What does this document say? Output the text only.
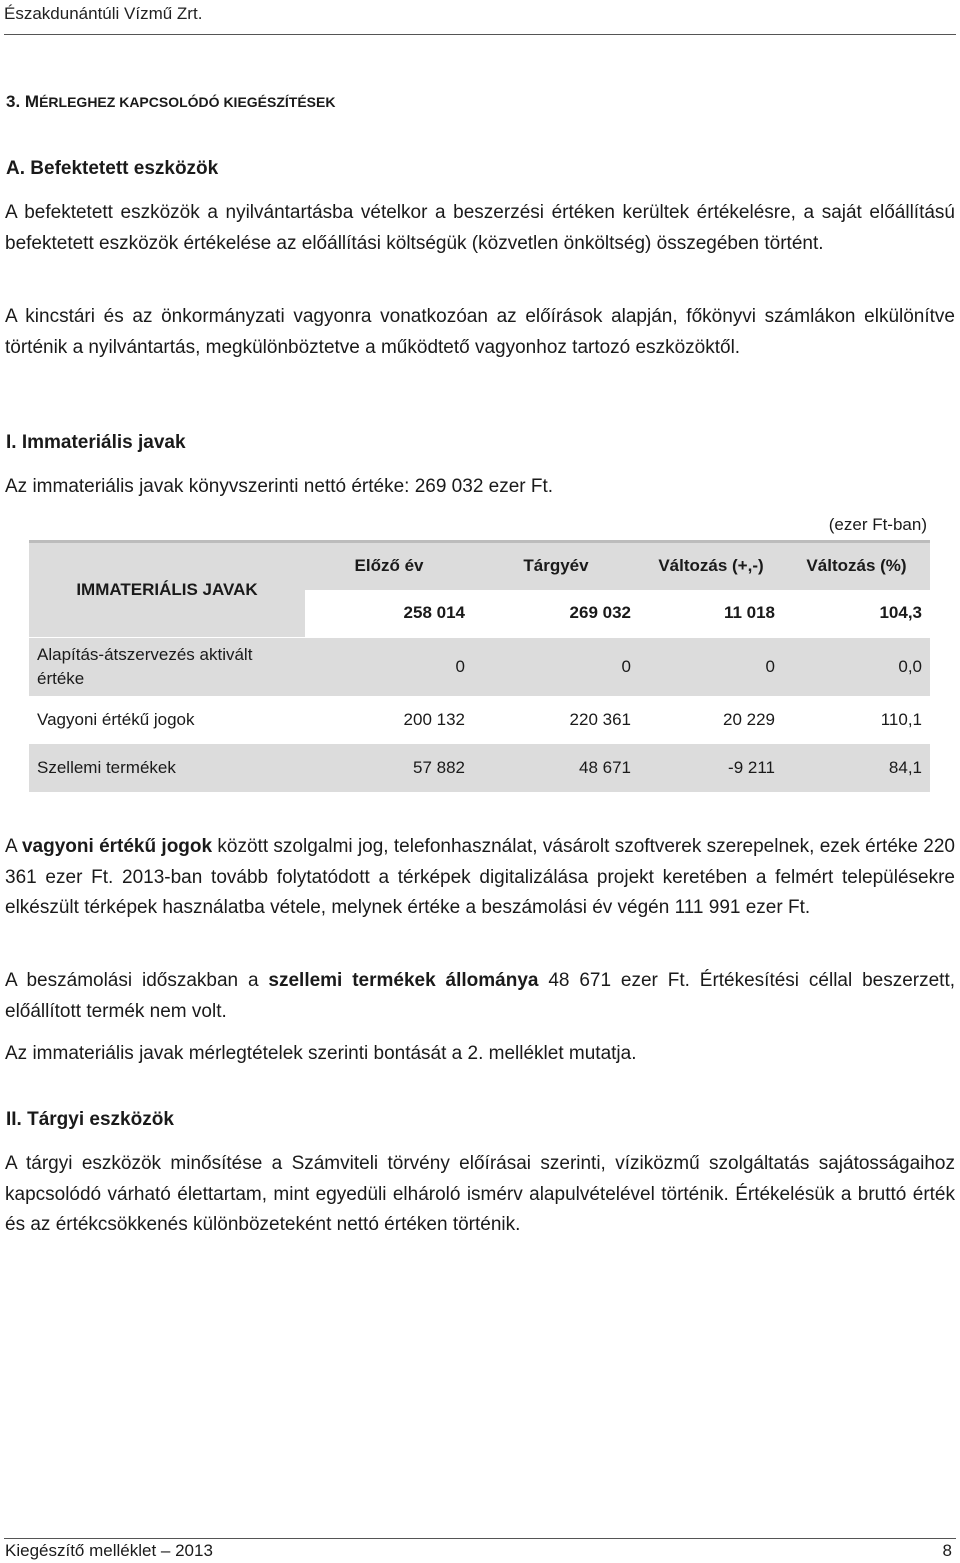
Északdunántúli Vízmű Zrt.
3. MÉRLEGHEZ KAPCSOLÓDÓ KIEGÉSZÍTÉSEK
A. Befektetett eszközök
A befektetett eszközök a nyilvántartásba vételkor a beszerzési értéken kerültek értékelésre, a saját előállítású befektetett eszközök értékelése az előállítási költségük (közvetlen önköltség) összegében történt.
A kincstári és az önkormányzati vagyonra vonatkozóan az előírások alapján, főkönyvi számlákon elkülönítve történik a nyilvántartás, megkülönböztetve a működtető vagyonhoz tartozó eszközöktől.
I. Immateriális javak
Az immateriális javak könyvszerinti nettó értéke: 269 032 ezer Ft.
(ezer Ft-ban)
IMMATERIÁLIS JAVAK	Előző év	Tárgyév	Változás (+,-)	Változás (%)
	258 014	269 032	11 018	104,3
Alapítás-átszervezés aktivált értéke	0	0	0	0,0
Vagyoni értékű jogok	200 132	220 361	20 229	110,1
Szellemi termékek	57 882	48 671	-9 211	84,1
A vagyoni értékű jogok között szolgalmi jog, telefonhasználat, vásárolt szoftverek szerepelnek, ezek értéke 220 361 ezer Ft. 2013-ban tovább folytatódott a térképek digitalizálása projekt keretében a felmért településekre elkészült térképek használatba vétele, melynek értéke a beszámolási év végén 111 991 ezer Ft.
A beszámolási időszakban a szellemi termékek állománya 48 671 ezer Ft. Értékesítési céllal beszerzett, előállított termék nem volt.
Az immateriális javak mérlegtételek szerinti bontását a 2. melléklet mutatja.
II. Tárgyi eszközök
A tárgyi eszközök minősítése a Számviteli törvény előírásai szerinti, víziközmű szolgáltatás sajátosságaihoz kapcsolódó várható élettartam, mint egyedüli elhároló ismérv alapulvételével történik. Értékelésük a bruttó érték és az értékcsökkenés különbözeteként nettó értéken történik.
Kiegészítő melléklet – 2013	8
